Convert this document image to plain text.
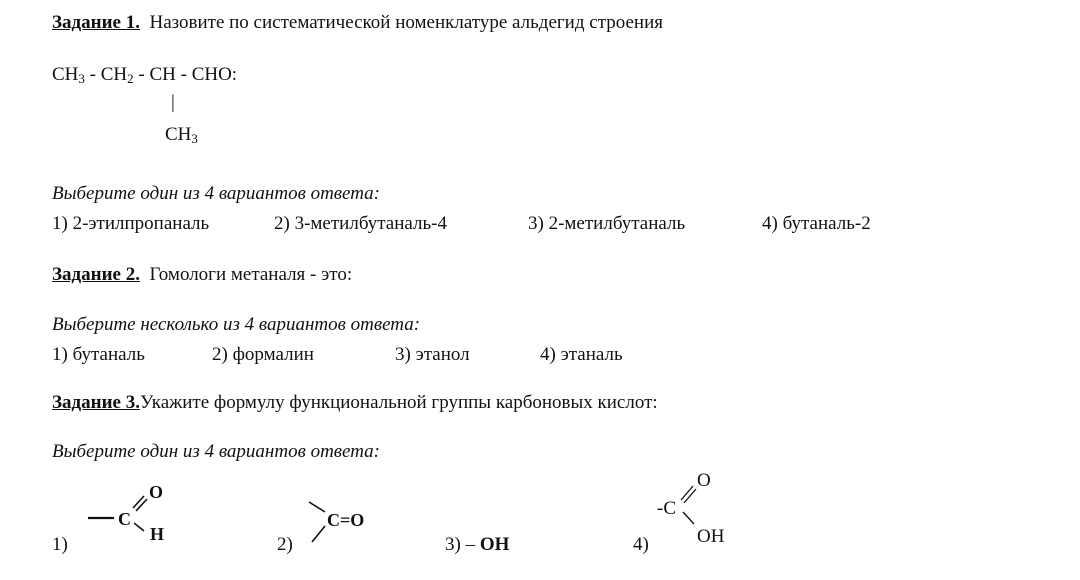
Задание 1. Назовите по систематической номенклатуре альдегид строения
$CH_3 - CH_2$ - CH - CHO:
|
$CH_3$
Выберите один из 4 вариантов ответа:
1) 2-этилпропаналь	2) 3-метилбутаналь-4	3) 2-метилбутаналь	4) бутаналь-2
Задание 2. Гомологи метаналя - это:
Выберите несколько из 4 вариантов ответа:
1) бутаналь	2) формалин	3) этанол	4) этаналь
Задание 3.Укажите формулу функциональной группы карбоновых кислот:
Выберите один из 4 вариантов ответа:
1)
C
O
H	2)
C=O
3) – OH	4)
-C
O
OH
